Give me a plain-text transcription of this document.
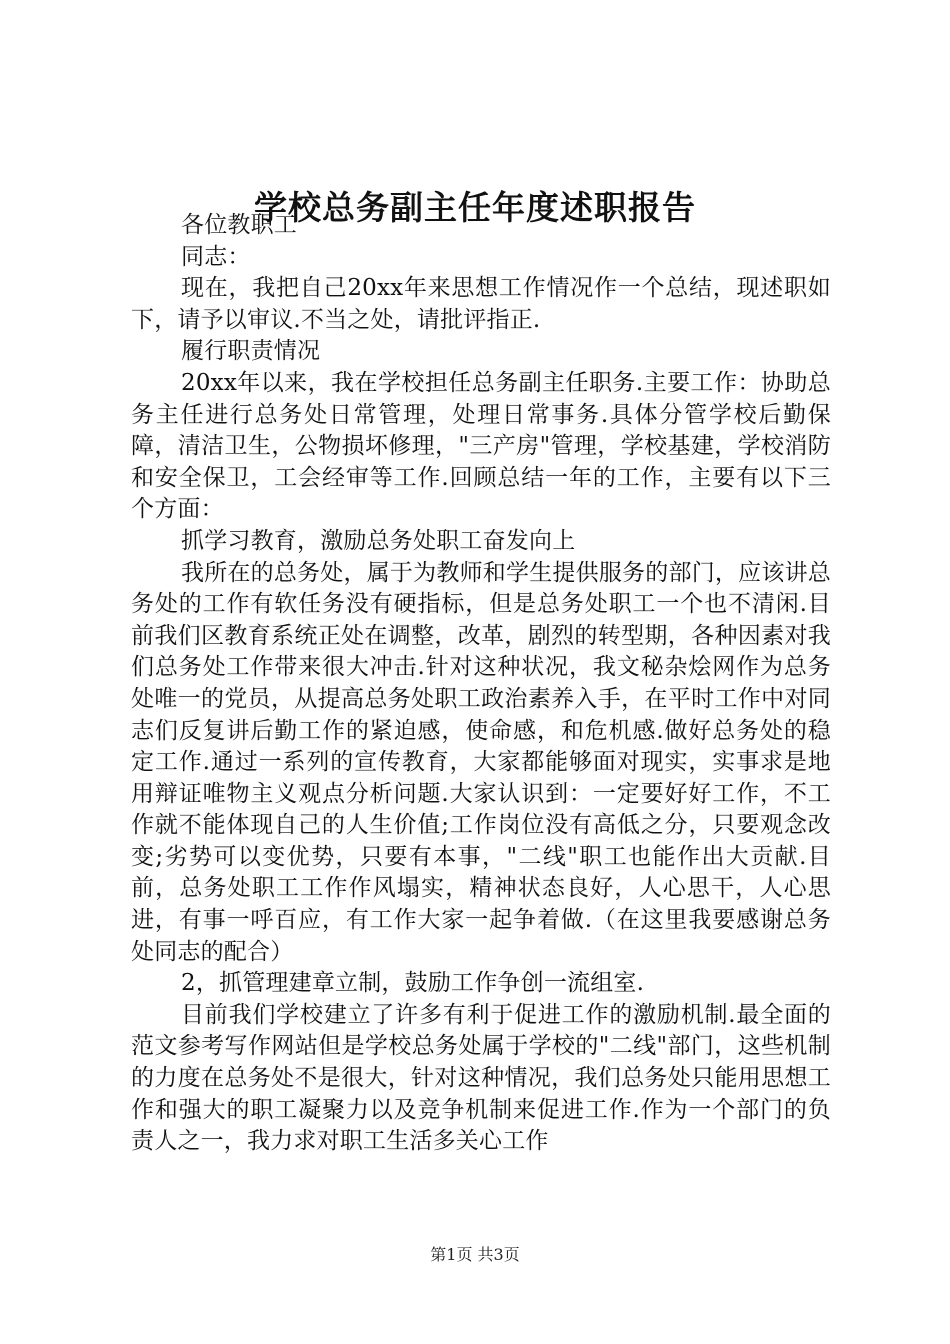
学校总务副主任年度述职报告

各位教职工

同志：

现在，我把自己20xx年来思想工作情况作一个总结，现述职如下，请予以审议.不当之处，请批评指正.

履行职责情况

20xx年以来，我在学校担任总务副主任职务.主要工作：协助总务主任进行总务处日常管理，处理日常事务.具体分管学校后勤保障，清洁卫生，公物损坏修理，"三产房"管理，学校基建，学校消防和安全保卫，工会经审等工作.回顾总结一年的工作，主要有以下三个方面：

抓学习教育，激励总务处职工奋发向上

我所在的总务处，属于为教师和学生提供服务的部门，应该讲总务处的工作有软任务没有硬指标，但是总务处职工一个也不清闲.目前我们区教育系统正处在调整，改革，剧烈的转型期，各种因素对我们总务处工作带来很大冲击.针对这种状况，我文秘杂烩网作为总务处唯一的党员，从提高总务处职工政治素养入手，在平时工作中对同志们反复讲后勤工作的紧迫感，使命感，和危机感.做好总务处的稳定工作.通过一系列的宣传教育，大家都能够面对现实，实事求是地用辩证唯物主义观点分析问题.大家认识到：一定要好好工作，不工作就不能体现自己的人生价值;工作岗位没有高低之分，只要观念改变;劣势可以变优势，只要有本事，"二线"职工也能作出大贡献.目前，总务处职工工作作风塌实，精神状态良好，人心思干，人心思进，有事一呼百应，有工作大家一起争着做.（在这里我要感谢总务处同志的配合）

2，抓管理建章立制，鼓励工作争创一流组室.

目前我们学校建立了许多有利于促进工作的激励机制.最全面的范文参考写作网站但是学校总务处属于学校的"二线"部门，这些机制的力度在总务处不是很大，针对这种情况，我们总务处只能用思想工作和强大的职工凝聚力以及竞争机制来促进工作.作为一个部门的负责人之一，我力求对职工生活多关心工作

第1页 共3页
